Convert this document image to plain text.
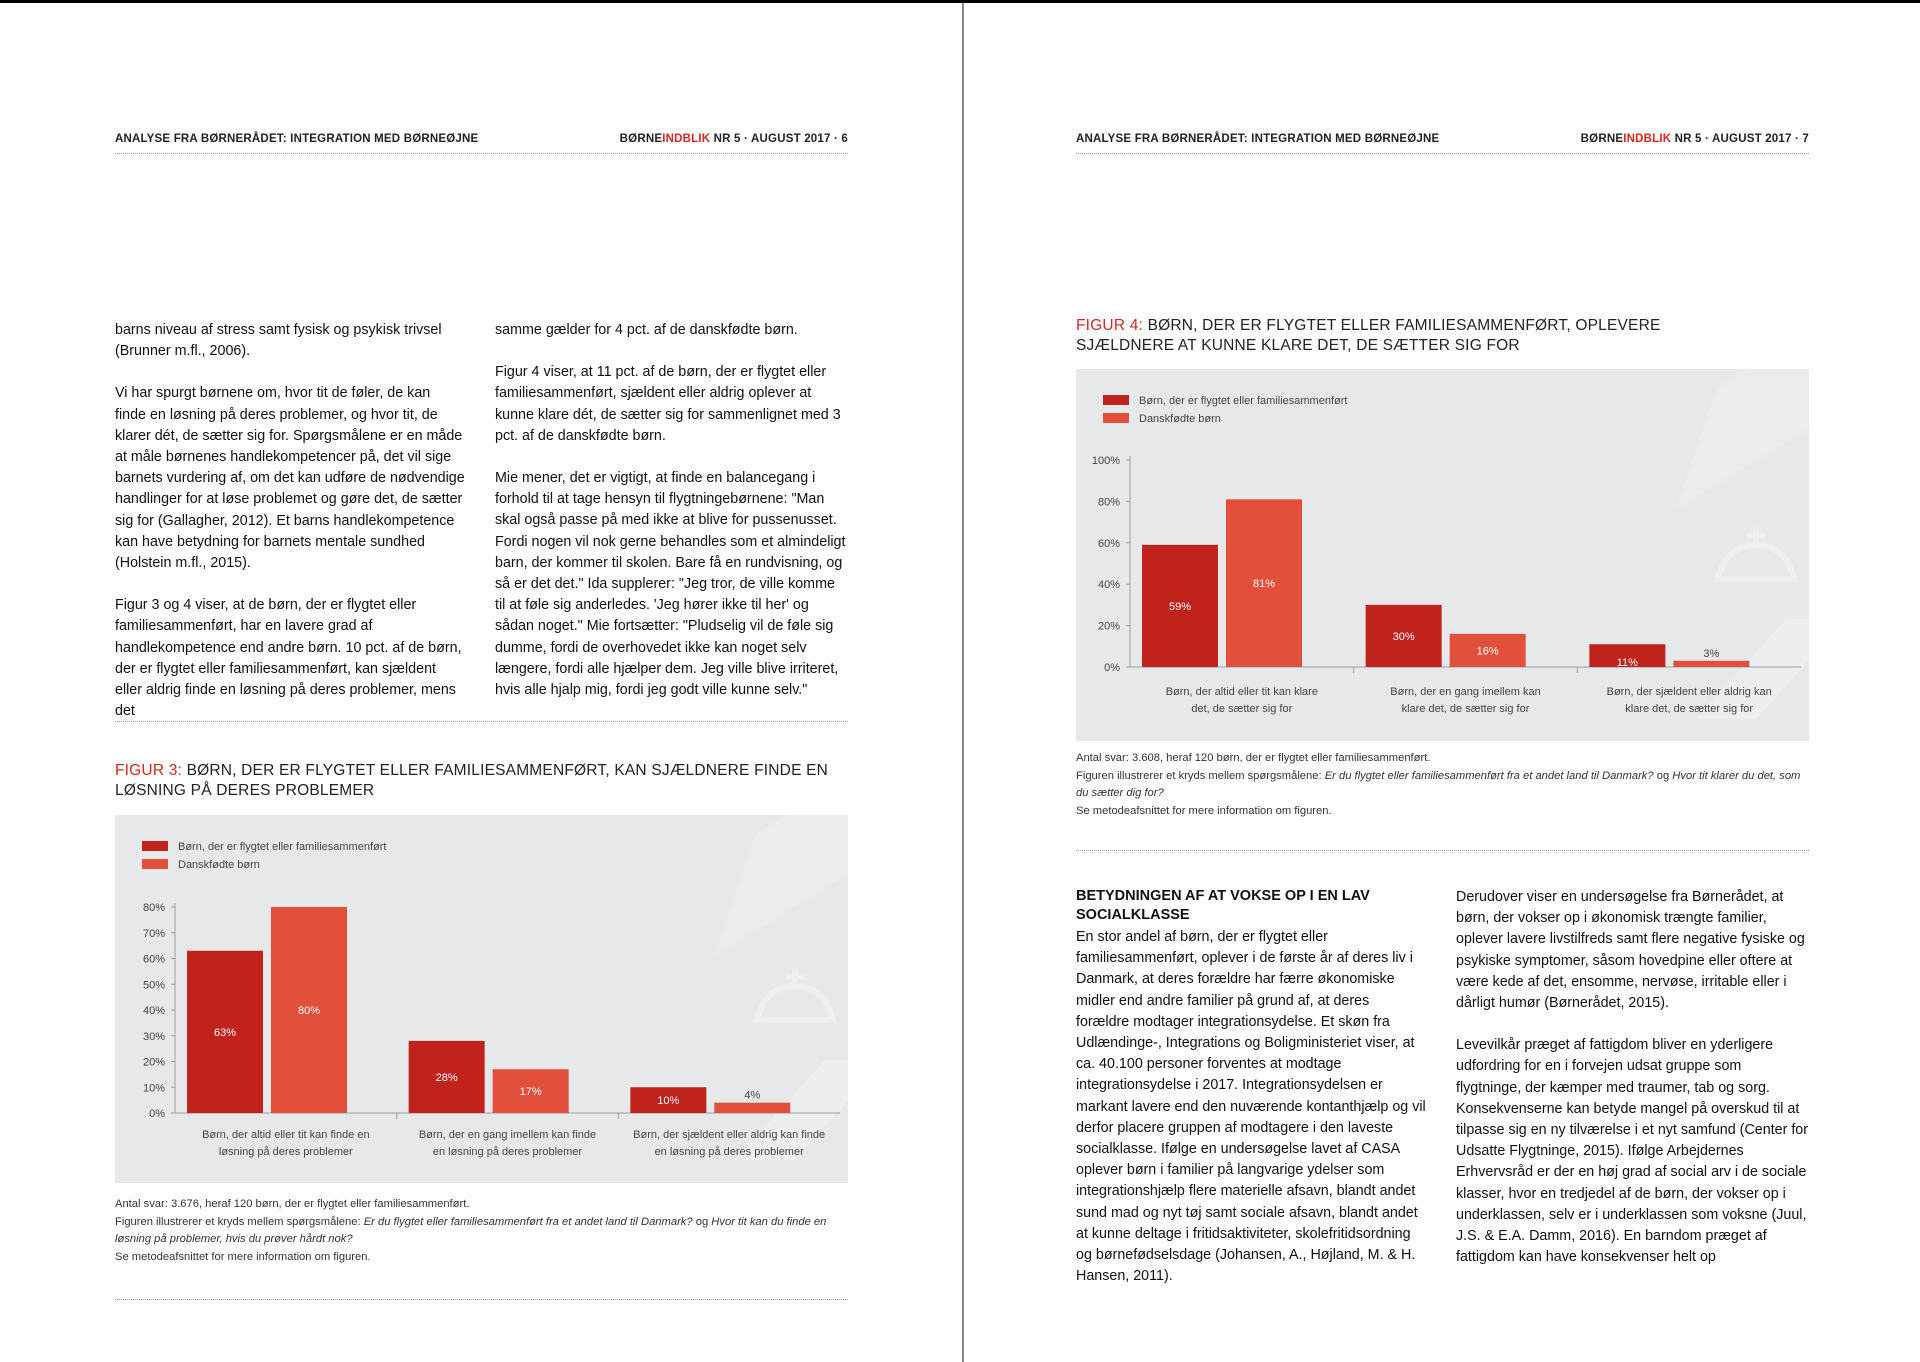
ANALYSE FRA BØRNERÅDET: INTEGRATION MED BØRNEØJNE	BØRNEINDBLIK NR 5 · AUGUST 2017 · 6

barns niveau af stress samt fysisk og psykisk trivsel (Brunner m.fl., 2006).

Vi har spurgt børnene om, hvor tit de føler, de kan finde en løsning på deres problemer, og hvor tit, de klarer dét, de sætter sig for. Spørgsmålene er en måde at måle børnenes handlekompetencer på, det vil sige barnets vurdering af, om det kan udføre de nødvendige handlinger for at løse problemet og gøre det, de sætter sig for (Gallagher, 2012). Et barns handlekompetence kan have betydning for barnets mentale sundhed (Holstein m.fl., 2015).

Figur 3 og 4 viser, at de børn, der er flygtet eller familiesammenført, har en lavere grad af handlekompetence end andre børn. 10 pct. af de børn, der er flygtet eller familiesammenført, kan sjældent eller aldrig finde en løsning på deres problemer, mens det

samme gælder for 4 pct. af de danskfødte børn.

Figur 4 viser, at 11 pct. af de børn, der er flygtet eller familiesammenført, sjældent eller aldrig oplever at kunne klare dét, de sætter sig for sammenlignet med 3 pct. af de danskfødte børn.

Mie mener, det er vigtigt, at finde en balancegang i forhold til at tage hensyn til flygtningebørnene: "Man skal også passe på med ikke at blive for pussenusset. Fordi nogen vil nok gerne behandles som et almindeligt barn, der kommer til skolen. Bare få en rundvisning, og så er det det." Ida supplerer: "Jeg tror, de ville komme til at føle sig anderledes. 'Jeg hører ikke til her' og sådan noget." Mie fortsætter: "Pludselig vil de føle sig dumme, fordi de overhovedet ikke kan noget selv længere, fordi alle hjælper dem. Jeg ville blive irriteret, hvis alle hjalp mig, fordi jeg godt ville kunne selv."

FIGUR 3: BØRN, DER ER FLYGTET ELLER FAMILIESAMMENFØRT, KAN SJÆLDNERE FINDE EN LØSNING PÅ DERES PROBLEMER
Børn, der er flygtet eller familiesammenført
Danskfødte børn
0%
10%
20%
30%
40%
50%
60%
70%
80%
63%
80%
Børn, der altid eller tit kan finde en
løsning på deres problemer
28%
17%
Børn, der en gang imellem kan finde
en løsning på deres problemer
10%	4%
Børn, der sjældent eller aldrig kan finde
en løsning på deres problemer
Antal svar: 3.676, heraf 120 børn, der er flygtet eller familiesammenført.
Figuren illustrerer et kryds mellem spørgsmålene: Er du flygtet eller familiesammenført fra et andet land til Danmark? og Hvor tit kan du finde en løsning på problemer, hvis du prøver hårdt nok?
Se metodeafsnittet for mere information om figuren.
ANALYSE FRA BØRNERÅDET: INTEGRATION MED BØRNEØJNE	BØRNEINDBLIK NR 5 · AUGUST 2017 · 7
FIGUR 4: BØRN, DER ER FLYGTET ELLER FAMILIESAMMENFØRT, OPLEVERE SJÆLDNERE AT KUNNE KLARE DET, DE SÆTTER SIG FOR
Børn, der er flygtet eller familiesammenført
Danskfødte børn
0%
20%
40%
60%
80%
100%
59%
81%
Børn, der altid eller tit kan klare
det, de sætter sig for
30%
16%
Børn, der en gang imellem kan
klare det, de sætter sig for
11%
3%
Børn, der sjældent eller aldrig kan
klare det, de sætter sig for
Antal svar: 3.608, heraf 120 børn, der er flygtet eller familiesammenført.
Figuren illustrerer et kryds mellem spørgsmålene: Er du flygtet eller familiesammenført fra et andet land til Danmark? og Hvor tit klarer du det, som du sætter dig for?
Se metodeafsnittet for mere information om figuren.
BETYDNINGEN AF AT VOKSE OP I EN LAV SOCIALKLASSE

En stor andel af børn, der er flygtet eller familiesammenført, oplever i de første år af deres liv i Danmark, at deres forældre har færre økonomiske midler end andre familier på grund af, at deres forældre modtager integrationsydelse. Et skøn fra Udlændinge-, Integrations og Boligministeriet viser, at ca. 40.100 personer forventes at modtage integrationsydelse i 2017. Integrationsydelsen er markant lavere end den nuværende kontanthjælp og vil derfor placere gruppen af modtagere i den laveste socialklasse. Ifølge en undersøgelse lavet af CASA oplever børn i familier på langvarige ydelser som integrationshjælp flere materielle afsavn, blandt andet sund mad og nyt tøj samt sociale afsavn, blandt andet at kunne deltage i fritidsaktiviteter, skolefritidsordning og børnefødselsdage (Johansen, A., Højland, M. & H. Hansen, 2011).

Derudover viser en undersøgelse fra Børnerådet, at børn, der vokser op i økonomisk trængte familier, oplever lavere livstilfreds samt flere negative fysiske og psykiske symptomer, såsom hovedpine eller oftere at være kede af det, ensomme, nervøse, irritable eller i dårligt humør (Børnerådet, 2015).

Levevilkår præget af fattigdom bliver en yderligere udfordring for en i forvejen udsat gruppe som flygtninge, der kæmper med traumer, tab og sorg. Konsekvenserne kan betyde mangel på overskud til at tilpasse sig en ny tilværelse i et nyt samfund (Center for Udsatte Flygtninge, 2015). Ifølge Arbejdernes Erhvervsråd er der en høj grad af social arv i de sociale klasser, hvor en tredjedel af de børn, der vokser op i underklassen, selv er i underklassen som voksne (Juul, J.S. & E.A. Damm, 2016). En barndom præget af fattigdom kan have konsekvenser helt op
